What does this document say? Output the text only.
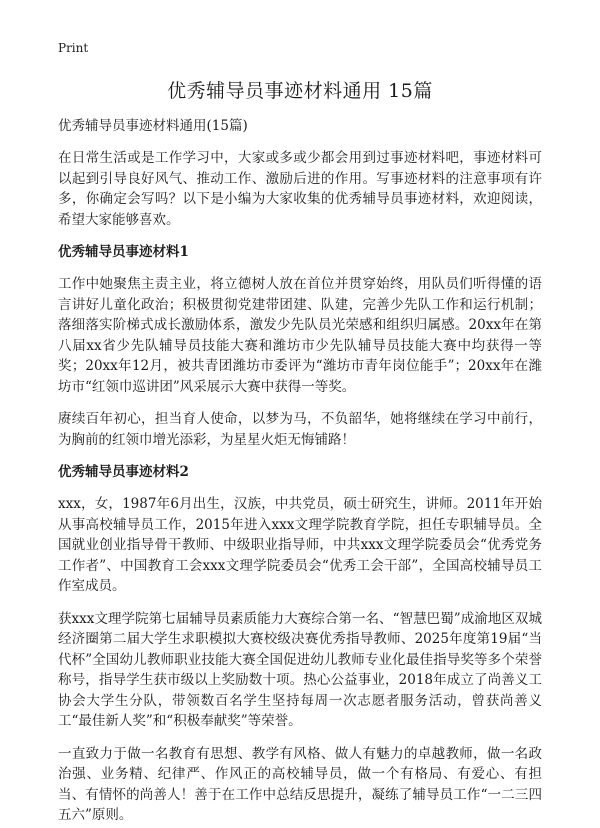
Print
优秀辅导员事迹材料通用 15篇

优秀辅导员事迹材料通用(15篇)

在日常生活或是工作学习中，大家或多或少都会用到过事迹材料吧，事迹材料可以起到引导良好风气、推动工作、激励后进的作用。写事迹材料的注意事项有许多，你确定会写吗？以下是小编为大家收集的优秀辅导员事迹材料，欢迎阅读，希望大家能够喜欢。

优秀辅导员事迹材料1

工作中她聚焦主责主业，将立德树人放在首位并贯穿始终，用队员们听得懂的语言讲好儿童化政治；积极贯彻党建带团建、队建，完善少先队工作和运行机制；落细落实阶梯式成长激励体系，激发少先队员光荣感和组织归属感。20xx年在第八届xx省少先队辅导员技能大赛和潍坊市少先队辅导员技能大赛中均获得一等奖；20xx年12月，被共青团潍坊市委评为“潍坊市青年岗位能手”；20xx年在潍坊市“红领巾巡讲团”风采展示大赛中获得一等奖。

赓续百年初心，担当育人使命，以梦为马，不负韶华，她将继续在学习中前行，为胸前的红领巾增光添彩，为星星火炬无悔铺路！

优秀辅导员事迹材料2

xxx，女，1987年6月出生，汉族，中共党员，硕士研究生，讲师。2011年开始从事高校辅导员工作，2015年进入xxx文理学院教育学院，担任专职辅导员。全国就业创业指导骨干教师、中级职业指导师，中共xxx文理学院委员会“优秀党务工作者”、中国教育工会xxx文理学院委员会“优秀工会干部”，全国高校辅导员工作室成员。

获xxx文理学院第七届辅导员素质能力大赛综合第一名、“智慧巴蜀”成渝地区双城经济圈第二届大学生求职模拟大赛校级决赛优秀指导教师、2025年度第19届“当代杯”全国幼儿教师职业技能大赛全国促进幼儿教师专业化最佳指导奖等多个荣誉称号，指导学生获市级以上奖励数十项。热心公益事业，2018年成立了尚善义工协会大学生分队，带领数百名学生坚持每周一次志愿者服务活动，曾获尚善义工“最佳新人奖”和“积极奉献奖”等荣誉。

一直致力于做一名教育有思想、教学有风格、做人有魅力的卓越教师，做一名政治强、业务精、纪律严、作风正的高校辅导员，做一个有格局、有爱心、有担当、有情怀的尚善人！善于在工作中总结反思提升，凝练了辅导员工作“一二三四五六”原则。
